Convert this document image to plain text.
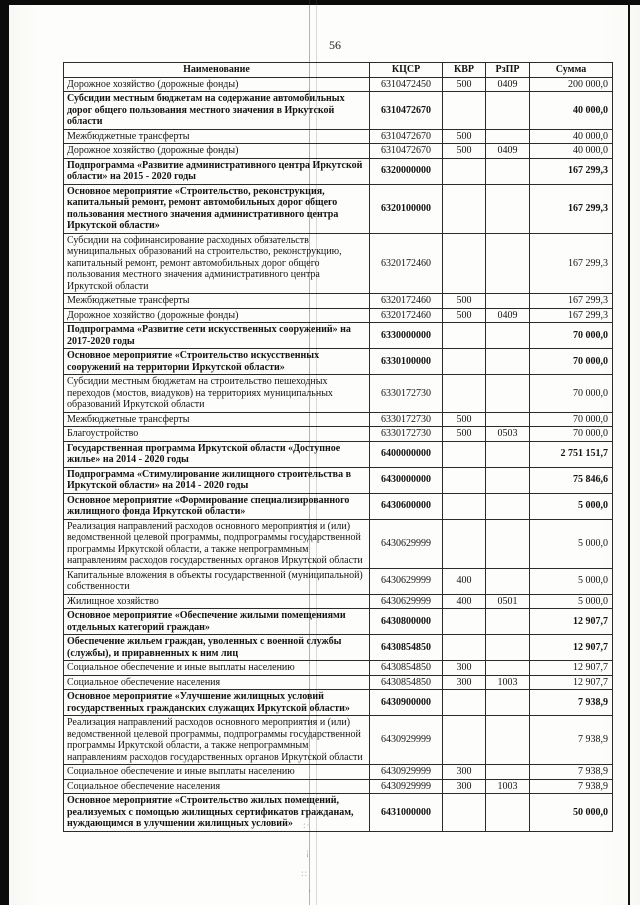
56
Наименование	КЦСР	КВР	РзПР	Сумма
Дорожное хозяйство (дорожные фонды)	6310472450	500	0409	200 000,0
Субсидии местным бюджетам на содержание автомобильных дорог общего пользования местного значения в Иркутской области	6310472670			40 000,0
Межбюджетные трансферты	6310472670	500		40 000,0
Дорожное хозяйство (дорожные фонды)	6310472670	500	0409	40 000,0
Подпрограмма «Развитие административного центра Иркутской области» на 2015 - 2020 годы	6320000000			167 299,3
Основное мероприятие «Строительство, реконструкция, капитальный ремонт, ремонт автомобильных дорог общего пользования местного значения административного центра Иркутской области»	6320100000			167 299,3
Субсидии на софинансирование расходных обязательств муниципальных образований на строительство, реконструкцию, капитальный ремонт, ремонт автомобильных дорог общего пользования местного значения административного центра Иркутской области	6320172460			167 299,3
Межбюджетные трансферты	6320172460	500		167 299,3
Дорожное хозяйство (дорожные фонды)	6320172460	500	0409	167 299,3
Подпрограмма «Развитие сети искусственных сооружений» на 2017-2020 годы	6330000000			70 000,0
Основное мероприятие «Строительство искусственных сооружений на территории Иркутской области»	6330100000			70 000,0
Субсидии местным бюджетам на строительство пешеходных переходов (мостов, виадуков) на территориях муниципальных образований Иркутской области	6330172730			70 000,0
Межбюджетные трансферты	6330172730	500		70 000,0
Благоустройство	6330172730	500	0503	70 000,0
Государственная программа Иркутской области «Доступное жилье» на 2014 - 2020 годы	6400000000			2 751 151,7
Подпрограмма «Стимулирование жилищного строительства в Иркутской области» на 2014 - 2020 годы	6430000000			75 846,6
Основное мероприятие «Формирование специализированного жилищного фонда Иркутской области»	6430600000			5 000,0
Реализация направлений расходов основного мероприятия и (или) ведомственной целевой программы, подпрограммы государственной программы Иркутской области, а также непрограммным направлениям расходов государственных органов Иркутской области	6430629999			5 000,0
Капитальные вложения в объекты государственной (муниципальной) собственности	6430629999	400		5 000,0
Жилищное хозяйство	6430629999	400	0501	5 000,0
Основное мероприятие «Обеспечение жилыми помещениями отдельных категорий граждан»	6430800000			12 907,7
Обеспечение жильем граждан, уволенных с военной службы (службы), и приравненных к ним лиц	6430854850			12 907,7
Социальное обеспечение и иные выплаты населению	6430854850	300		12 907,7
Социальное обеспечение населения	6430854850	300	1003	12 907,7
Основное мероприятие «Улучшение жилищных условий государственных гражданских служащих Иркутской области»	6430900000			7 938,9
Реализация направлений расходов основного мероприятия и (или) ведомственной целевой программы, подпрограммы государственной программы Иркутской области, а также непрограммным направлениям расходов государственных органов Иркутской области	6430929999			7 938,9
Социальное обеспечение и иные выплаты населению	6430929999	300		7 938,9
Социальное обеспечение населения	6430929999	300	1003	7 938,9
Основное мероприятие «Строительство жилых помещений, реализуемых с помощью жилищных сертификатов гражданам, нуждающимся в улучшении жилищных условий»	6431000000			50 000,0
:·
¡
::
·
